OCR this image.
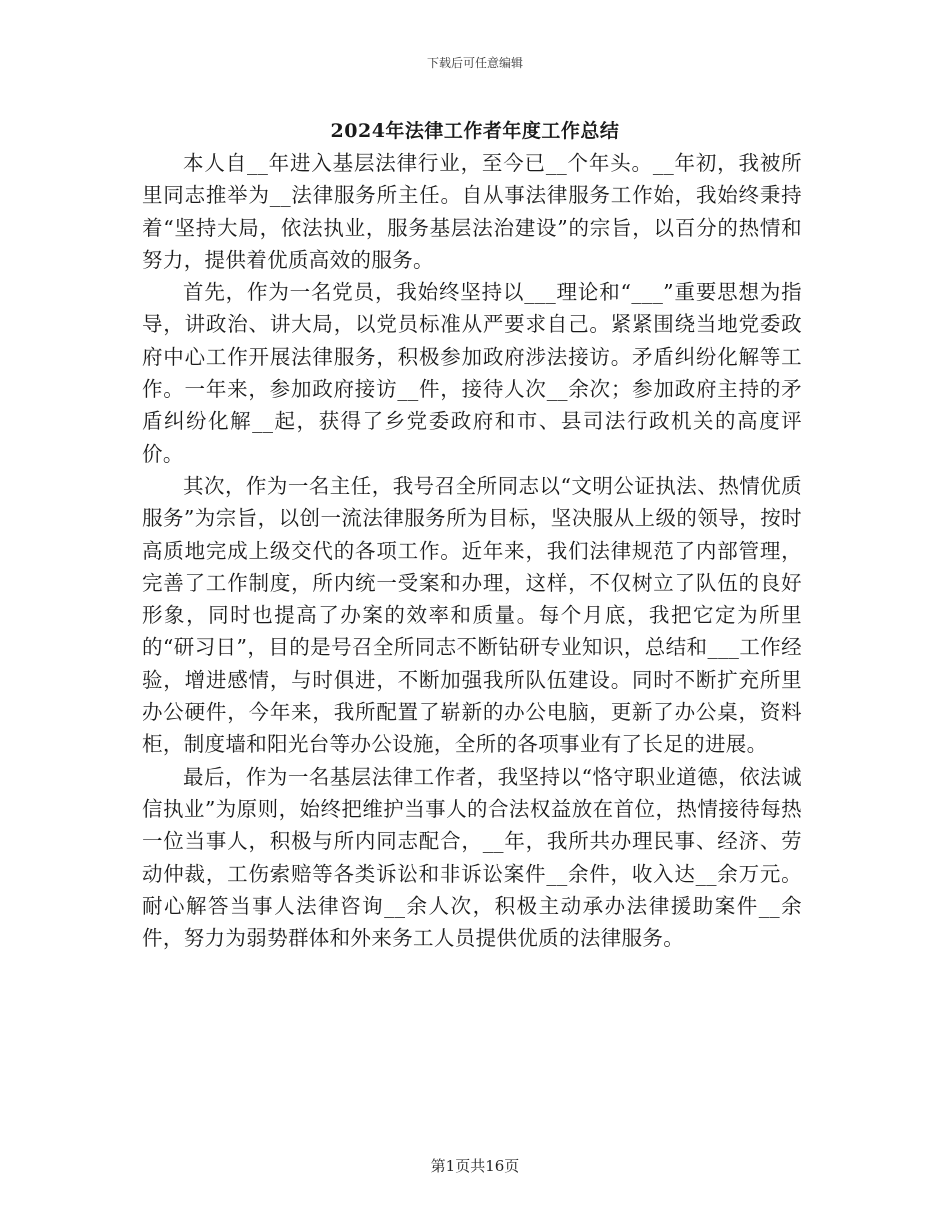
下载后可任意编辑
2024年法律工作者年度工作总结

本人自__年进入基层法律行业，至今已__个年头。__年初，我被所里同志推举为__法律服务所主任。自从事法律服务工作始，我始终秉持着“坚持大局，依法执业，服务基层法治建设”的宗旨，以百分的热情和努力，提供着优质高效的服务。

首先，作为一名党员，我始终坚持以___理论和“___”重要思想为指导，讲政治、讲大局，以党员标准从严要求自己。紧紧围绕当地党委政府中心工作开展法律服务，积极参加政府涉法接访。矛盾纠纷化解等工作。一年来，参加政府接访__件，接待人次__余次；参加政府主持的矛盾纠纷化解__起，获得了乡党委政府和市、县司法行政机关的高度评价。

其次，作为一名主任，我号召全所同志以“文明公证执法、热情优质服务”为宗旨，以创一流法律服务所为目标，坚决服从上级的领导，按时高质地完成上级交代的各项工作。近年来，我们法律规范了内部管理，完善了工作制度，所内统一受案和办理，这样，不仅树立了队伍的良好形象，同时也提高了办案的效率和质量。每个月底，我把它定为所里的“研习日”，目的是号召全所同志不断钻研专业知识，总结和___工作经验，增进感情，与时俱进，不断加强我所队伍建设。同时不断扩充所里办公硬件，今年来，我所配置了崭新的办公电脑，更新了办公桌，资料柜，制度墙和阳光台等办公设施，全所的各项事业有了长足的进展。

最后，作为一名基层法律工作者，我坚持以“恪守职业道德，依法诚信执业”为原则，始终把维护当事人的合法权益放在首位，热情接待每热一位当事人，积极与所内同志配合，__年，我所共办理民事、经济、劳动仲裁，工伤索赔等各类诉讼和非诉讼案件__余件，收入达__余万元。耐心解答当事人法律咨询__余人次，积极主动承办法律援助案件__余件，努力为弱势群体和外来务工人员提供优质的法律服务。

第1页共16页
